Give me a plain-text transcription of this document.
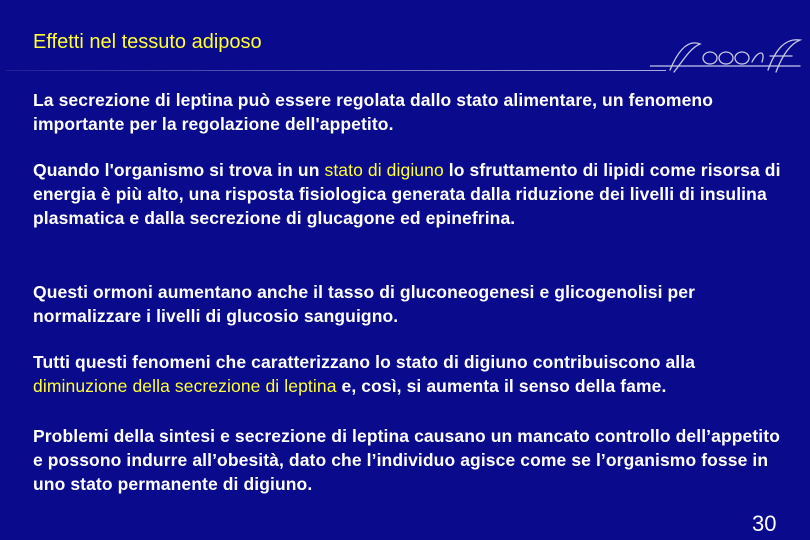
Effetti nel tessuto adiposo
La secrezione di leptina può essere regolata dallo stato alimentare, un fenomeno importante per la regolazione dell'appetito.
Quando l'organismo si trova in un stato di digiuno lo sfruttamento di lipidi come risorsa di energia è più alto, una risposta fisiologica generata dalla riduzione dei livelli di insulina plasmatica e dalla secrezione di glucagone ed epinefrina.
Questi ormoni aumentano anche il tasso di gluconeogenesi e glicogenolisi per normalizzare i livelli di glucosio sanguigno.
Tutti questi fenomeni che caratterizzano lo stato di digiuno contribuiscono alla diminuzione della secrezione di leptina e, così, si aumenta il senso della fame.
Problemi della sintesi e secrezione di leptina causano un mancato controllo dell’appetito e possono indurre all’obesità, dato che l’individuo agisce come se l’organismo fosse in uno stato permanente di digiuno.
30
